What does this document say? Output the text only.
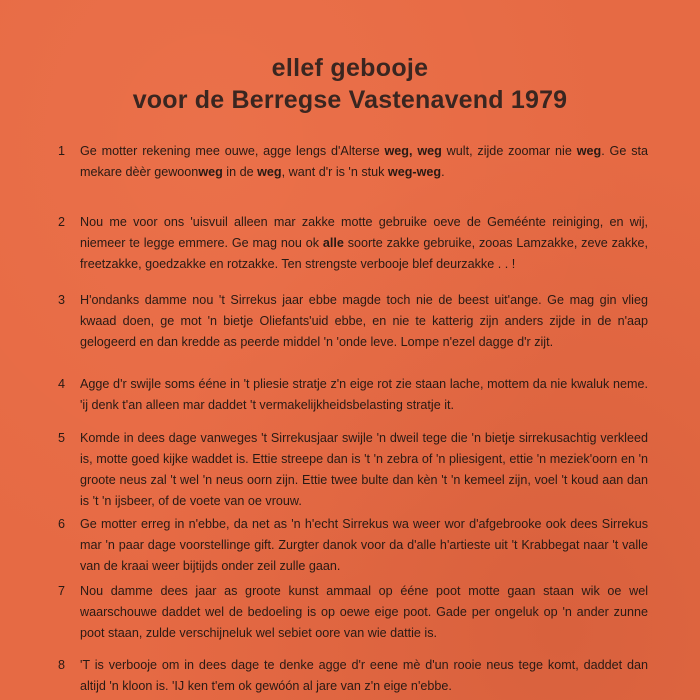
ellef gebooje
voor de Berregse Vastenavend 1979
1 Ge motter rekening mee ouwe, agge lengs d'Alterse weg, weg wult, zijde zoomar nie weg. Ge sta mekare dèèr gewoonweg in de weg, want d'r is 'n stuk weg-weg.
2 Nou me voor ons 'uisvuil alleen mar zakke motte gebruike oeve de Geméénte reiniging, en wij, niemeer te legge emmere. Ge mag nou ok alle soorte zakke gebruike, zooas Lamzakke, zeve zakke, freetzakke, goedzakke en rotzakke. Ten strengste verbooje blef deurzakke . . !
3 H'ondanks damme nou 't Sirrekus jaar ebbe magde toch nie de beest uit'ange. Ge mag gin vlieg kwaad doen, ge mot 'n bietje Oliefants'uid ebbe, en nie te katterig zijn anders zijde in de n'aap gelogeerd en dan kredde as peerde middel 'n 'onde leve. Lompe n'ezel dagge d'r zijt.
4 Agge d'r swijle soms ééne in 't pliesie stratje z'n eige rot zie staan lache, mottem da nie kwaluk neme. 'ij denk t'an alleen mar daddet 't vermakelijkheidsbelasting stratje it.
5 Komde in dees dage vanweges 't Sirrekusjaar swijle 'n dweil tege die 'n bietje sirrekusachtig verkleed is, motte goed kijke waddet is. Ettie streepe dan is 't 'n zebra of 'n pliesigent, ettie 'n meziek'oorn en 'n groote neus zal 't wel 'n neus oorn zijn. Ettie twee bulte dan kèn 't 'n kemeel zijn, voel 't koud aan dan is 't 'n ijsbeer, of de voete van oe vrouw.
6 Ge motter erreg in n'ebbe, da net as 'n h'echt Sirrekus wa weer wor d'afgebrooke ook dees Sirrekus mar 'n paar dage voorstellinge gift. Zurgter danok voor da d'alle h'artieste uit 't Krabbegat naar 't valle van de kraai weer bijtijds onder zeil zulle gaan.
7 Nou damme dees jaar as groote kunst ammaal op ééne poot motte gaan staan wik oe wel waarschouwe daddet wel de bedoeling is op oewe eige poot. Gade per ongeluk op 'n ander zunne poot staan, zulde verschijneluk wel sebiet oore van wie dattie is.
8 'T is verbooje om in dees dage te denke agge d'r eene mè d'un rooie neus tege komt, daddet dan altijd 'n kloon is. 'IJ ken t'em ok gewóón al jare van z'n eige n'ebbe.
